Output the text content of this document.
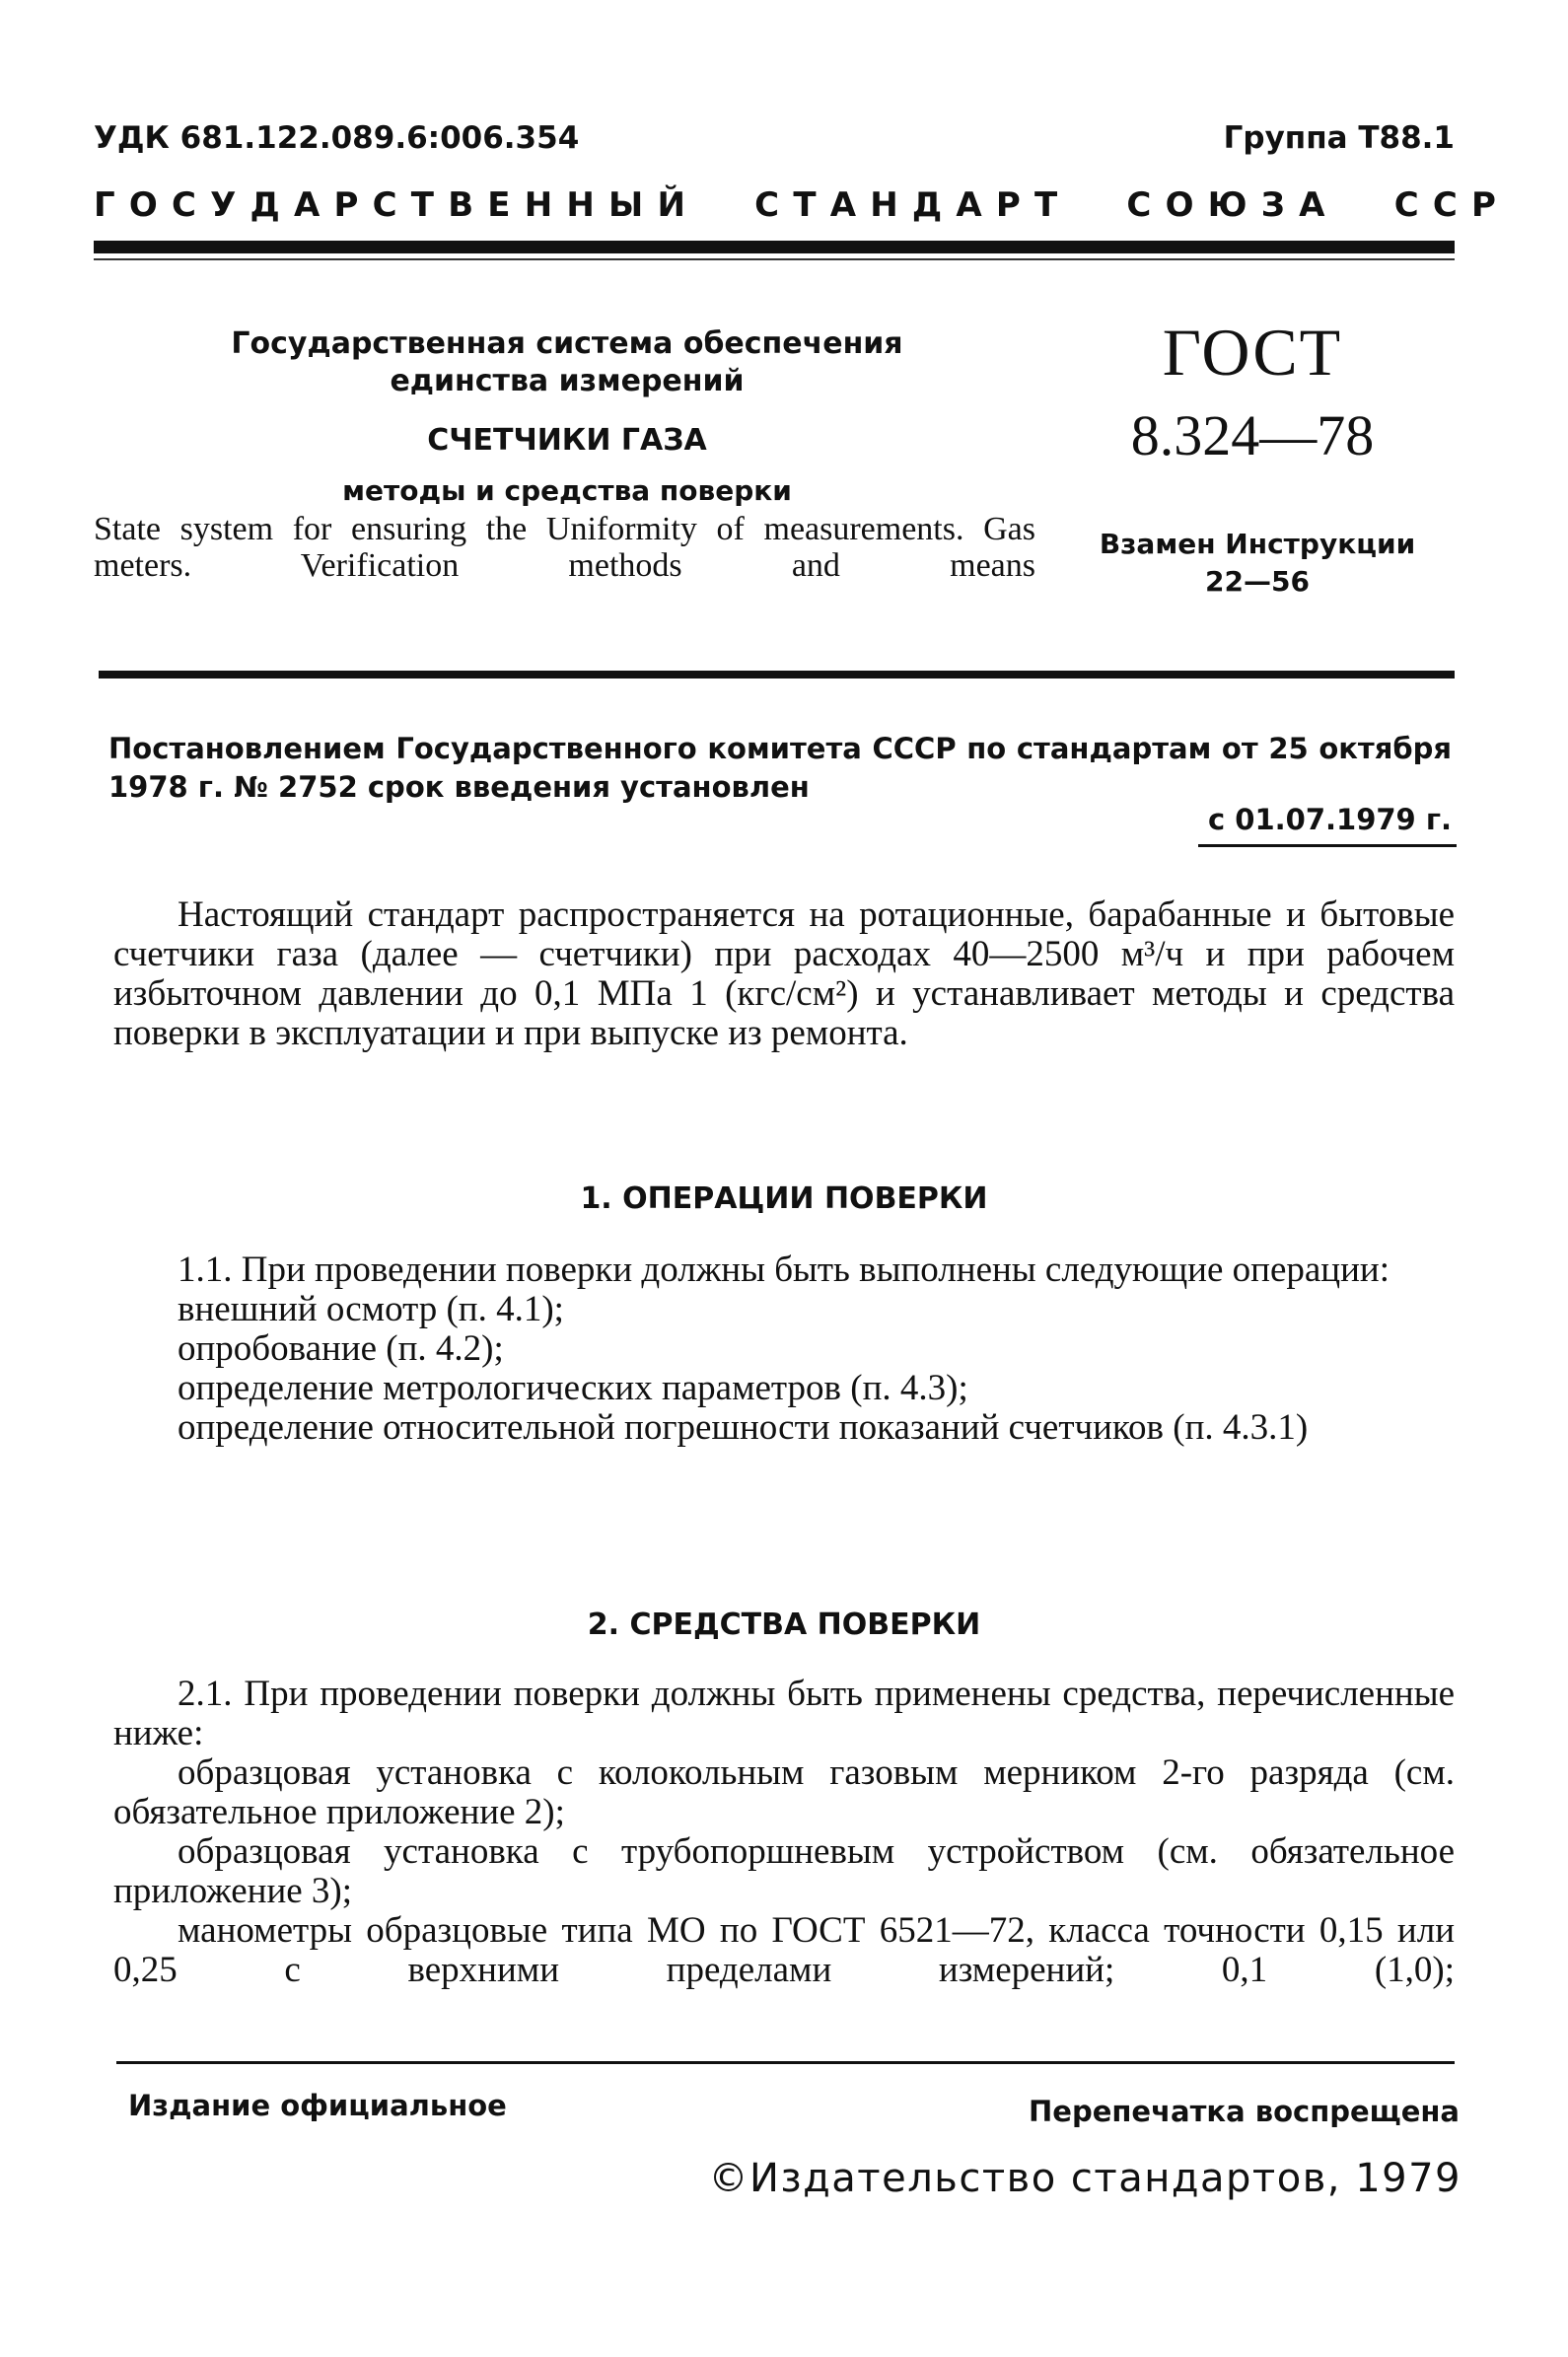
УДК 681.122.089.6:006.354	Группа Т88.1
ГОСУДАРСТВЕННЫЙ СТАНДАРТ СОЮЗА ССР
Государственная система обеспечения
единства измерений
СЧЕТЧИКИ ГАЗА
методы и средства поверки
State system for ensuring the Uniformity of measurements. Gas meters. Verification methods and means
ГОСТ
8.324—78
Взамен Инструкции
22—56
Постановлением Государственного комитета СССР по стандартам от 25 октября 1978 г. № 2752 срок введения установлен
с 01.07.1979 г.
Настоящий стандарт распространяется на ротационные, барабанные и бытовые счетчики газа (далее — счетчики) при расходах 40—2500 м³/ч и при рабочем избыточном давлении до 0,1 МПа 1 (кгс/см²) и устанавливает методы и средства поверки в эксплуатации и при выпуске из ремонта.
1. ОПЕРАЦИИ ПОВЕРКИ
1.1. При проведении поверки должны быть выполнены следующие операции:
внешний осмотр (п. 4.1);
опробование (п. 4.2);
определение метрологических параметров (п. 4.3);
определение относительной погрешности показаний счетчиков (п. 4.3.1)
2. СРЕДСТВА ПОВЕРКИ
2.1. При проведении поверки должны быть применены средства, перечисленные ниже:
образцовая установка с колокольным газовым мерником 2-го разряда (см. обязательное приложение 2);
образцовая установка с трубопоршневым устройством (см. обязательное приложение 3);
манометры образцовые типа МО по ГОСТ 6521—72, класса точности 0,15 или 0,25 с верхними пределами измерений; 0,1 (1,0);
Издание официальное	Перепечатка воспрещена
©Издательство стандартов, 1979
